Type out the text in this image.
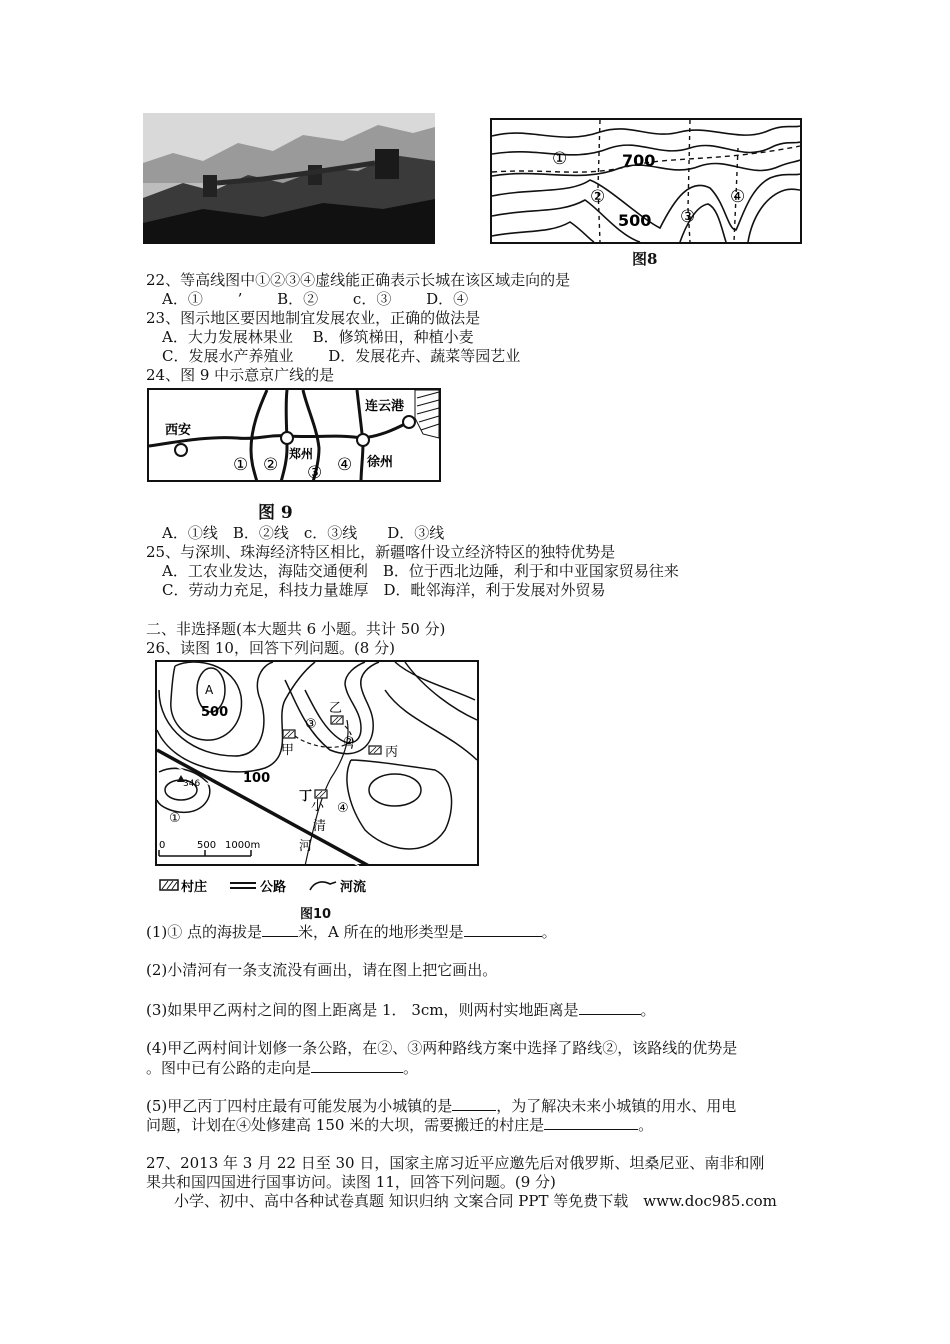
①	700
②
500 ③
④
图8
22、等高线图中①②③④虚线能正确表示长城在该区域走向的是
A．①　　 ’　　 B．②　　 c．③　　 D．④
23、图示地区要因地制宜发展农业，正确的做法是
A．大力发展林果业　 B．修筑梯田，种植小麦
C．发展水产养殖业　　 D．发展花卉、蔬菜等园艺业
24、图 9 中示意京广线的是
西安
连云港
郑州
徐州
① ② ③ ④
图 9
A．①线　B．②线　c．③线　　D．③线
25、与深圳、珠海经济特区相比，新疆喀什设立经济特区的独特优势是
A．工农业发达，海陆交通便利　B．位于西北边陲，利于和中亚国家贸易往来
C．劳动力充足，科技力量雄厚　D．毗邻海洋，利于发展对外贸易
二、非选择题(本大题共 6 小题。共计 50 分)
26、读图 10，回答下列问题。(8 分)
A
500
100
346
甲
乙
丙
丁
小
清
河
①
②
③
④
0	500 1000m
村庄	公路	河流
图10
(1)① 点的海拔是 米，A 所在的地形类型是	。
(2)小清河有一条支流没有画出，请在图上把它画出。
(3)如果甲乙两村之间的图上距离是 1． 3cm，则两村实地距离是	。
(4)甲乙两村间计划修一条公路，在②、③两种路线方案中选择了路线②，该路线的优势是
。图中已有公路的走向是	。
(5)甲乙丙丁四村庄最有可能发展为小城镇的是	，为了解决未来小城镇的用水、用电
问题，计划在④处修建高 150 米的大坝，需要搬迁的村庄是	。
27、2013 年 3 月 22 日至 30 日，国家主席习近平应邀先后对俄罗斯、坦桑尼亚、南非和刚
果共和国四国进行国事访问。读图 11，回答下列问题。(9 分)
小学、初中、高中各种试卷真题 知识归纳 文案合同 PPT 等免费下载　www.doc985.com
